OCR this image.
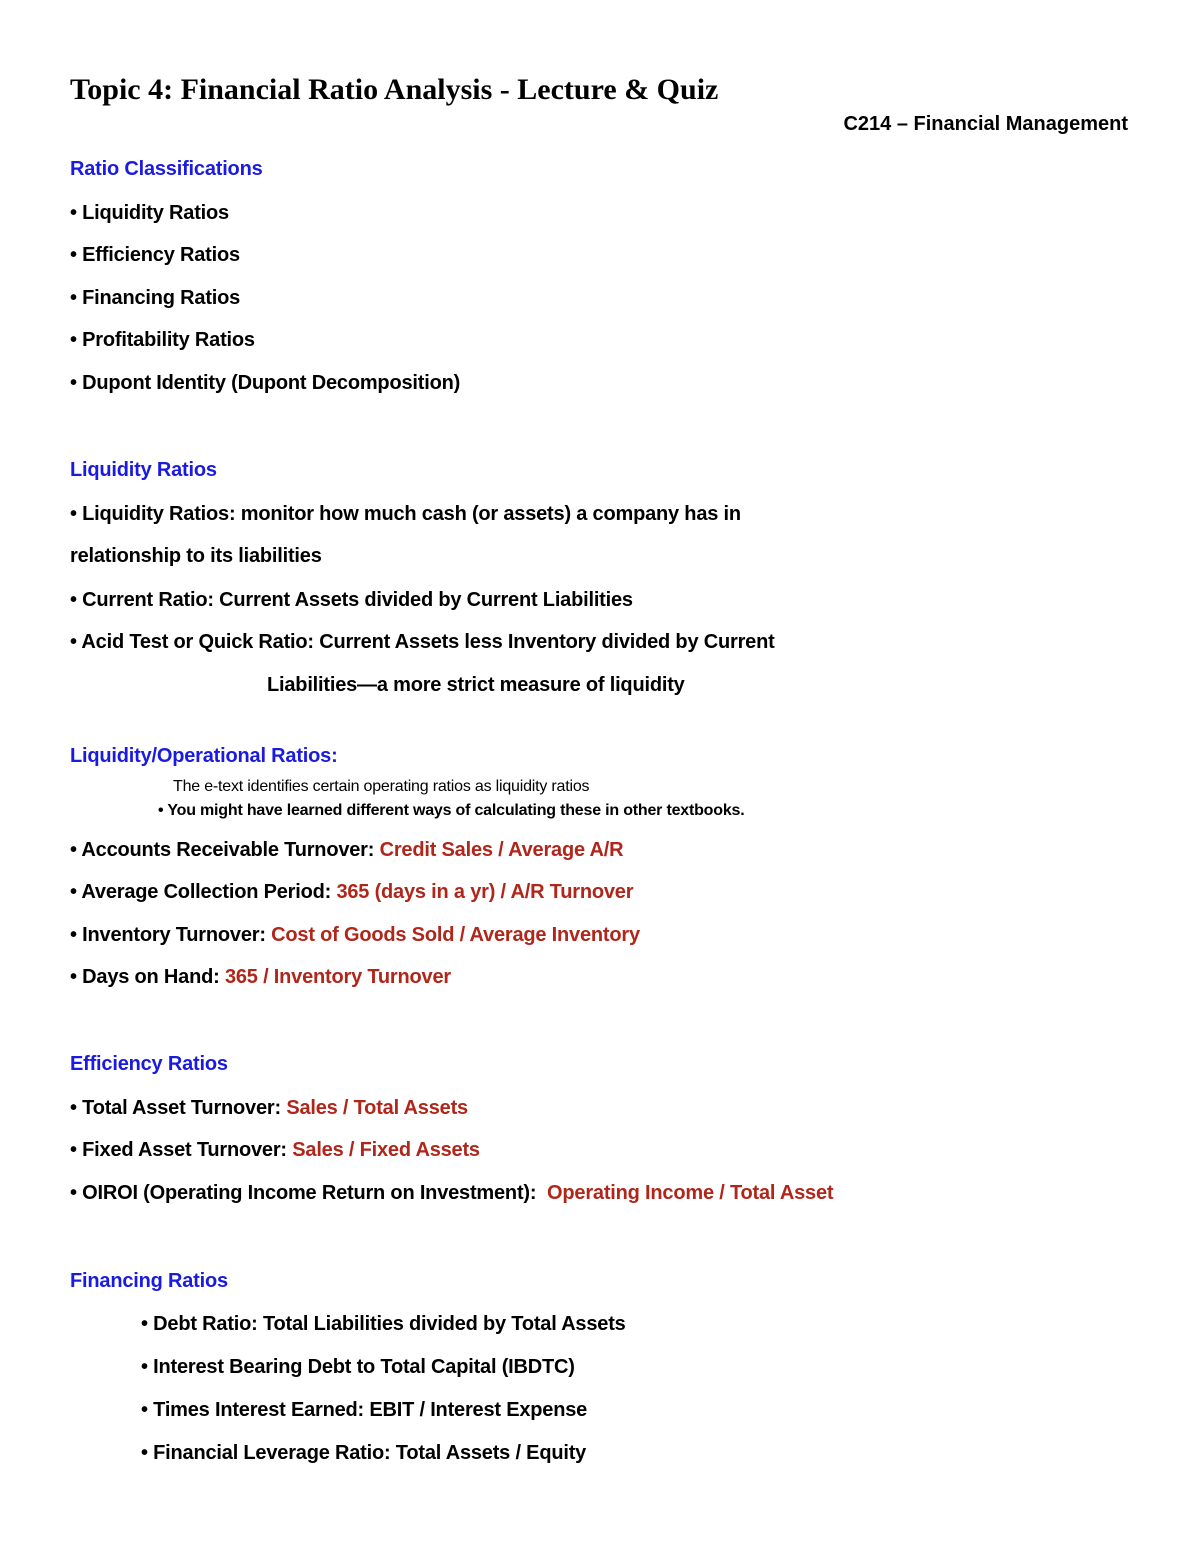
Topic 4: Financial Ratio Analysis - Lecture & Quiz
C214 – Financial Management
Ratio Classifications
• Liquidity Ratios
• Efficiency Ratios
• Financing Ratios
• Profitability Ratios
• Dupont Identity (Dupont Decomposition)
Liquidity Ratios
• Liquidity Ratios: monitor how much cash (or assets) a company has in
relationship to its liabilities
• Current Ratio: Current Assets divided by Current Liabilities
• Acid Test or Quick Ratio: Current Assets less Inventory divided by Current
Liabilities—a more strict measure of liquidity
Liquidity/Operational Ratios:
The e-text identifies certain operating ratios as liquidity ratios
• You might have learned different ways of calculating these in other textbooks.
• Accounts Receivable Turnover: Credit Sales / Average A/R
• Average Collection Period: 365 (days in a yr) / A/R Turnover
• Inventory Turnover: Cost of Goods Sold / Average Inventory
• Days on Hand: 365 / Inventory Turnover
Efficiency Ratios
• Total Asset Turnover: Sales / Total Assets
• Fixed Asset Turnover: Sales / Fixed Assets
• OIROI (Operating Income Return on Investment):  Operating Income / Total Asset
Financing Ratios
• Debt Ratio: Total Liabilities divided by Total Assets
• Interest Bearing Debt to Total Capital (IBDTC)
• Times Interest Earned: EBIT / Interest Expense
• Financial Leverage Ratio: Total Assets / Equity
